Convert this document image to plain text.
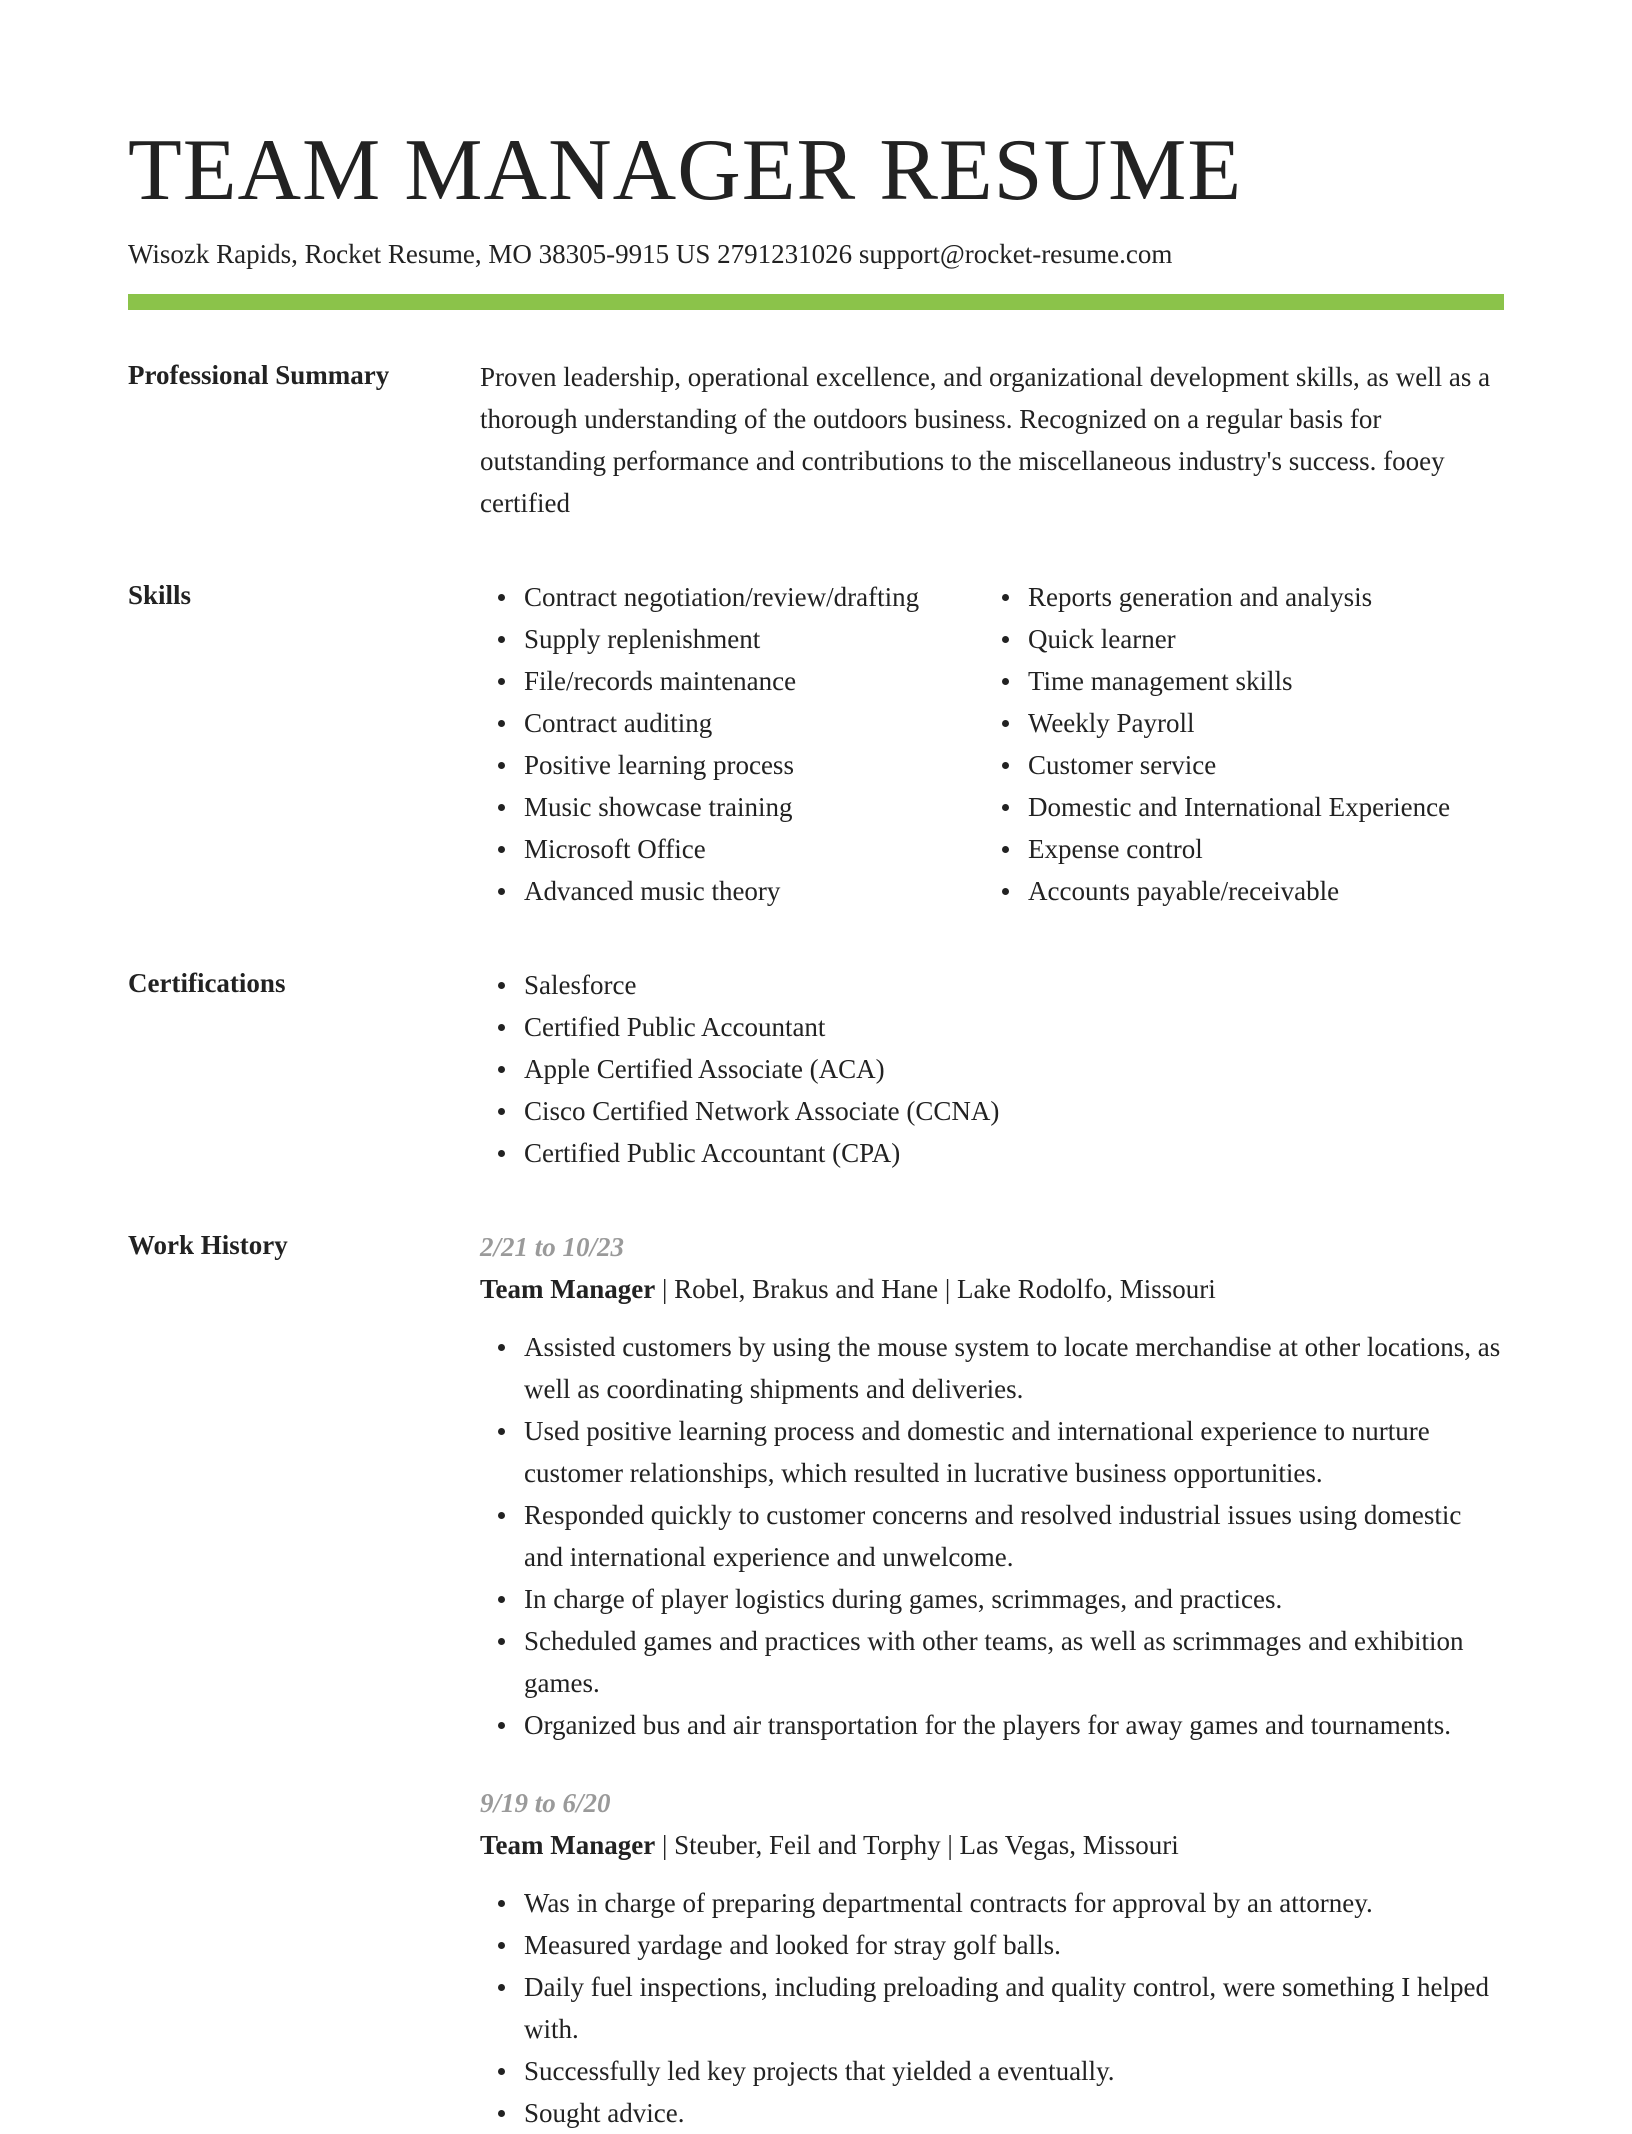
TEAM MANAGER RESUME
Wisozk Rapids, Rocket Resume, MO 38305-9915 US 2791231026 support@rocket-resume.com
Professional Summary	Proven leadership, operational excellence, and organizational development skills, as well as a thorough understanding of the outdoors business. Recognized on a regular basis for outstanding performance and contributions to the miscellaneous industry's success. fooey certified

Skills	Contract negotiation/review/drafting
Supply replenishment
File/records maintenance
Contract auditing
Positive learning process
Music showcase training
Microsoft Office
Advanced music theory
Reports generation and analysis
Quick learner
Time management skills
Weekly Payroll
Customer service
Domestic and International Experience
Expense control
Accounts payable/receivable
Certifications	Salesforce
Certified Public Accountant
Apple Certified Associate (ACA)
Cisco Certified Network Associate (CCNA)
Certified Public Accountant (CPA)
Work History	2/21 to 10/23
Team Manager | Robel, Brakus and Hane | Lake Rodolfo, Missouri
Assisted customers by using the mouse system to locate merchandise at other locations, as well as coordinating shipments and deliveries.
Used positive learning process and domestic and international experience to nurture customer relationships, which resulted in lucrative business opportunities.
Responded quickly to customer concerns and resolved industrial issues using domestic and international experience and unwelcome.
In charge of player logistics during games, scrimmages, and practices.
Scheduled games and practices with other teams, as well as scrimmages and exhibition games.
Organized bus and air transportation for the players for away games and tournaments.
9/19 to 6/20
Team Manager | Steuber, Feil and Torphy | Las Vegas, Missouri
Was in charge of preparing departmental contracts for approval by an attorney.
Measured yardage and looked for stray golf balls.
Daily fuel inspections, including preloading and quality control, were something I helped with.
Successfully led key projects that yielded a eventually.
Sought advice.
